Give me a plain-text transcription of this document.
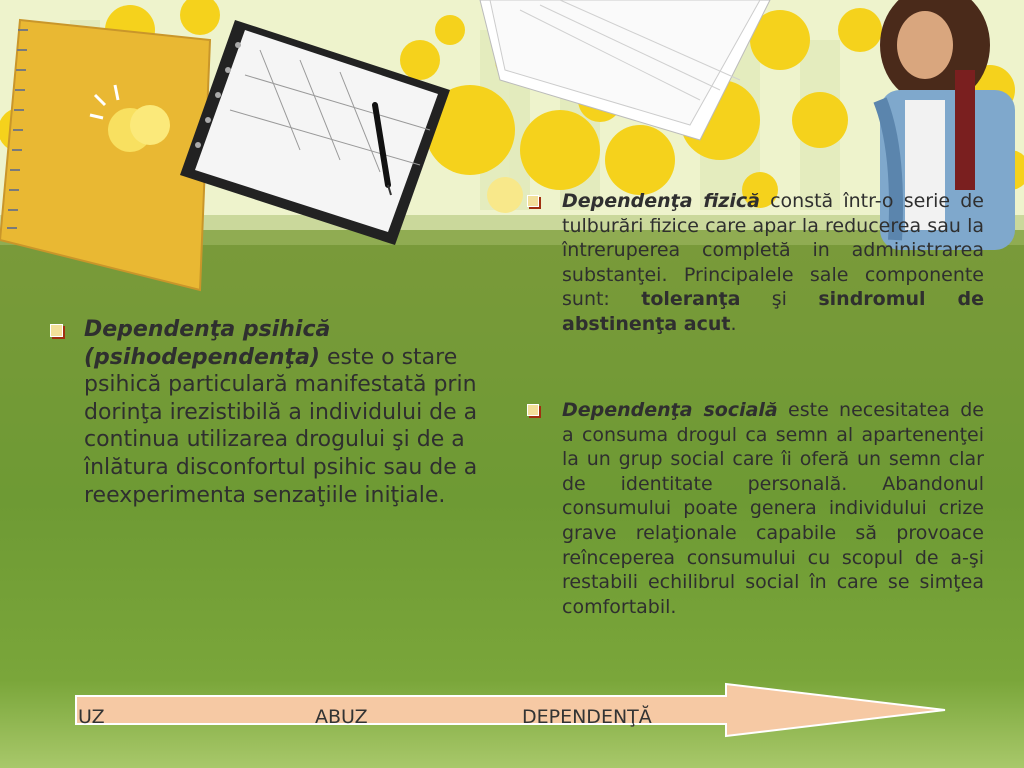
Dependenţa psihică (psihodependenţa) este o stare psihică particulară manifestată prin dorinţa irezistibilă a individului de a continua utilizarea drogului şi de a înlătura disconfortul psihic sau de a reexperimenta senzaţiile iniţiale.
Dependenţa fizică constă într-o serie de tulburări fizice care apar la reducerea sau la întreruperea completă in administrarea substanţei. Principalele sale componente sunt: toleranţa şi sindromul de abstinenţa acut.
Dependenţa socială este necesitatea de a consuma drogul ca semn al apartenenţei la un grup social care îi oferă un semn clar de identitate personală. Abandonul consumului poate genera individului crize grave relaţionale capabile să provoace reînceperea consumului cu scopul de a-şi restabili echilibrul social în care se simţea comfortabil.
UZ	ABUZ	DEPENDENŢĂ
